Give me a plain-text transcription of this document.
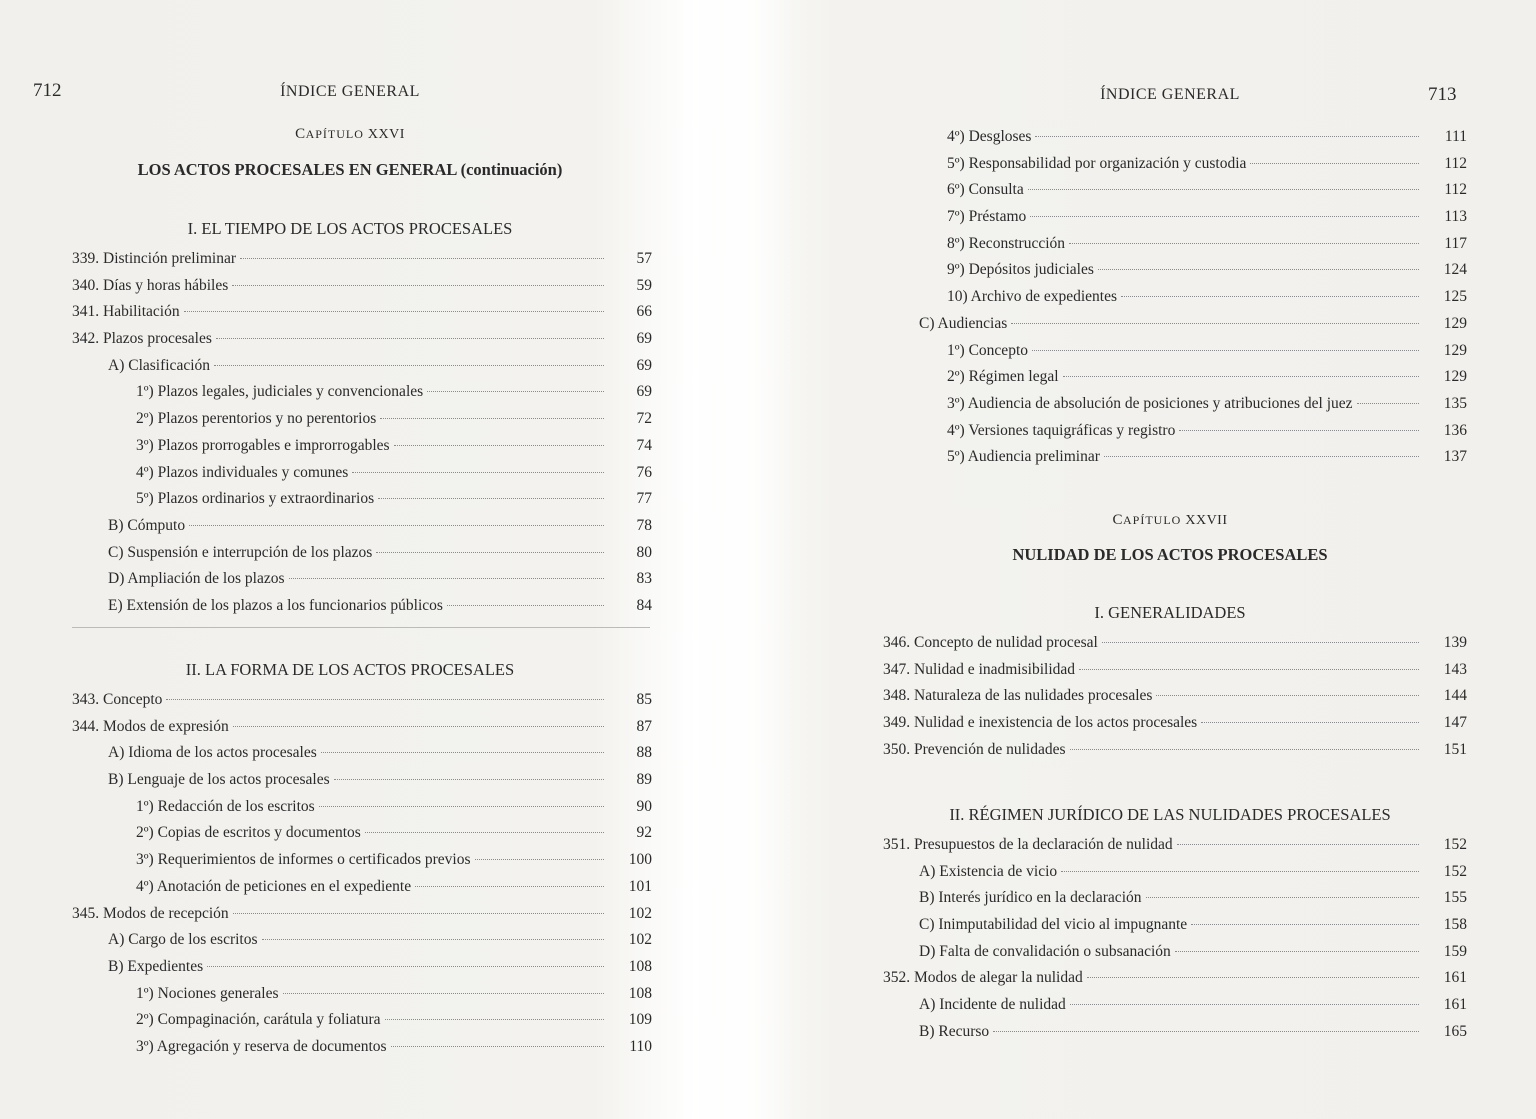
712	ÍNDICE GENERAL
CAPÍTULO XXVI
LOS ACTOS PROCESALES EN GENERAL (continuación)
I. EL TIEMPO DE LOS ACTOS PROCESALES
339. Distinción preliminar	57
340. Días y horas hábiles	59
341. Habilitación	66
342. Plazos procesales	69
A) Clasificación	69
1º) Plazos legales, judiciales y convencionales	69
2º) Plazos perentorios y no perentorios	72
3º) Plazos prorrogables e improrrogables	74
4º) Plazos individuales y comunes	76
5º) Plazos ordinarios y extraordinarios	77
B) Cómputo	78
C) Suspensión e interrupción de los plazos	80
D) Ampliación de los plazos	83
E) Extensión de los plazos a los funcionarios públicos	84
II. LA FORMA DE LOS ACTOS PROCESALES
343. Concepto	85
344. Modos de expresión	87
A) Idioma de los actos procesales	88
B) Lenguaje de los actos procesales	89
1º) Redacción de los escritos	90
2º) Copias de escritos y documentos	92
3º) Requerimientos de informes o certificados previos	100
4º) Anotación de peticiones en el expediente	101
345. Modos de recepción	102
A) Cargo de los escritos	102
B) Expedientes	108
1º) Nociones generales	108
2º) Compaginación, carátula y foliatura	109
3º) Agregación y reserva de documentos	110
ÍNDICE GENERAL	713
4º) Desgloses	111
5º) Responsabilidad por organización y custodia	112
6º) Consulta	112
7º) Préstamo	113
8º) Reconstrucción	117
9º) Depósitos judiciales	124
10) Archivo de expedientes	125
C) Audiencias	129
1º) Concepto	129
2º) Régimen legal	129
3º) Audiencia de absolución de posiciones y atribuciones del juez	135
4º) Versiones taquigráficas y registro	136
5º) Audiencia preliminar	137
CAPÍTULO XXVII
NULIDAD DE LOS ACTOS PROCESALES
I. GENERALIDADES
346. Concepto de nulidad procesal	139
347. Nulidad e inadmisibilidad	143
348. Naturaleza de las nulidades procesales	144
349. Nulidad e inexistencia de los actos procesales	147
350. Prevención de nulidades	151
II. RÉGIMEN JURÍDICO DE LAS NULIDADES PROCESALES
351. Presupuestos de la declaración de nulidad	152
A) Existencia de vicio	152
B) Interés jurídico en la declaración	155
C) Inimputabilidad del vicio al impugnante	158
D) Falta de convalidación o subsanación	159
352. Modos de alegar la nulidad	161
A) Incidente de nulidad	161
B) Recurso	165
